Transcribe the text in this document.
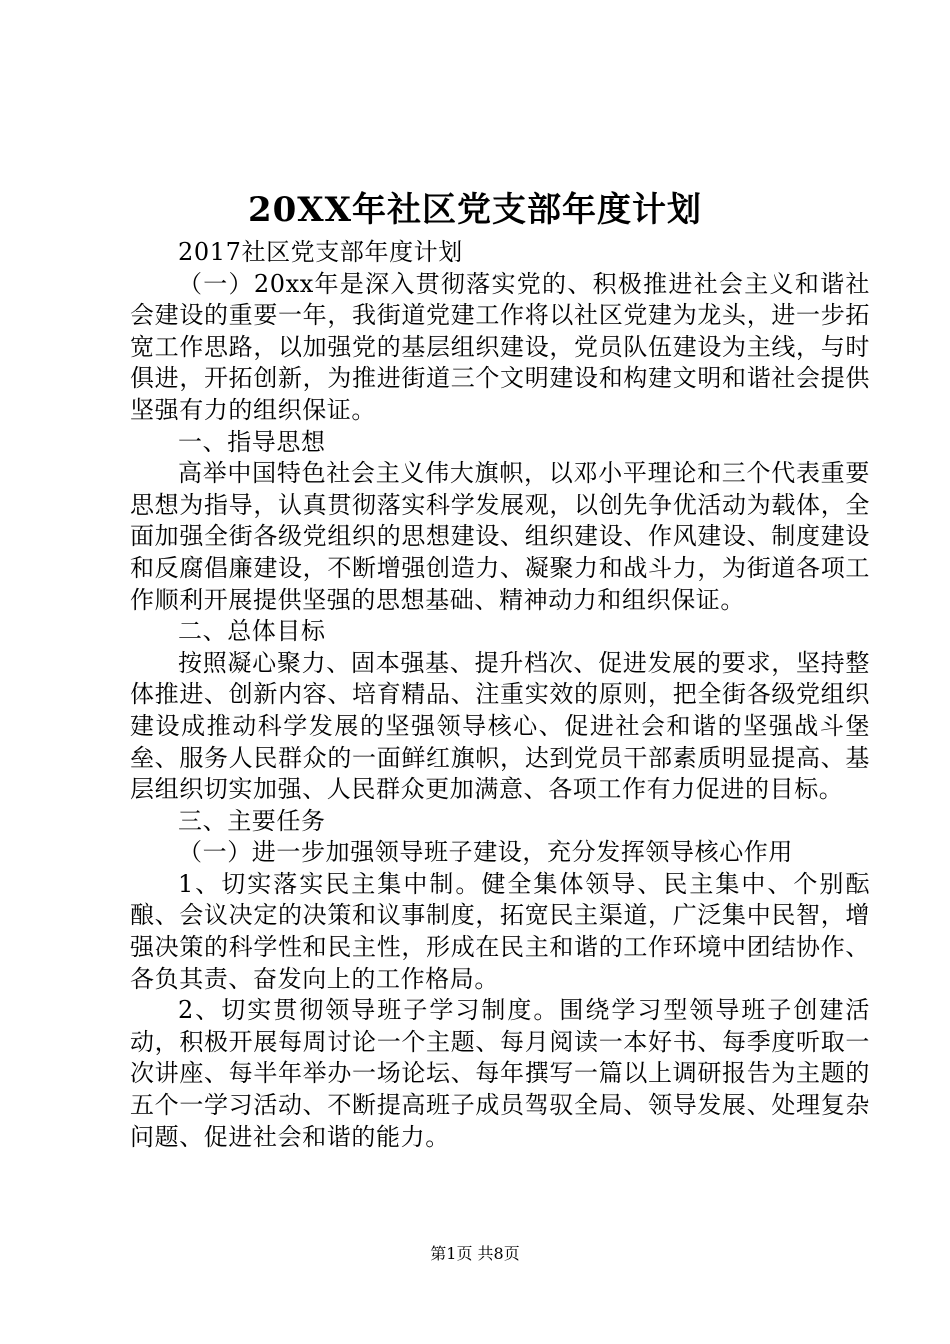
20XX年社区党支部年度计划

2017社区党支部年度计划

（一）20xx年是深入贯彻落实党的、积极推进社会主义和谐社会建设的重要一年，我街道党建工作将以社区党建为龙头，进一步拓宽工作思路，以加强党的基层组织建设，党员队伍建设为主线，与时俱进，开拓创新，为推进街道三个文明建设和构建文明和谐社会提供坚强有力的组织保证。

一、指导思想

高举中国特色社会主义伟大旗帜，以邓小平理论和三个代表重要思想为指导，认真贯彻落实科学发展观，以创先争优活动为载体，全面加强全街各级党组织的思想建设、组织建设、作风建设、制度建设和反腐倡廉建设，不断增强创造力、凝聚力和战斗力，为街道各项工作顺利开展提供坚强的思想基础、精神动力和组织保证。

二、总体目标

按照凝心聚力、固本强基、提升档次、促进发展的要求，坚持整体推进、创新内容、培育精品、注重实效的原则，把全街各级党组织建设成推动科学发展的坚强领导核心、促进社会和谐的坚强战斗堡垒、服务人民群众的一面鲜红旗帜，达到党员干部素质明显提高、基层组织切实加强、人民群众更加满意、各项工作有力促进的目标。

三、主要任务

（一）进一步加强领导班子建设，充分发挥领导核心作用

1、切实落实民主集中制。健全集体领导、民主集中、个别酝酿、会议决定的决策和议事制度，拓宽民主渠道，广泛集中民智，增强决策的科学性和民主性，形成在民主和谐的工作环境中团结协作、各负其责、奋发向上的工作格局。

2、切实贯彻领导班子学习制度。围绕学习型领导班子创建活动，积极开展每周讨论一个主题、每月阅读一本好书、每季度听取一次讲座、每半年举办一场论坛、每年撰写一篇以上调研报告为主题的五个一学习活动、不断提高班子成员驾驭全局、领导发展、处理复杂问题、促进社会和谐的能力。

第1页 共8页
